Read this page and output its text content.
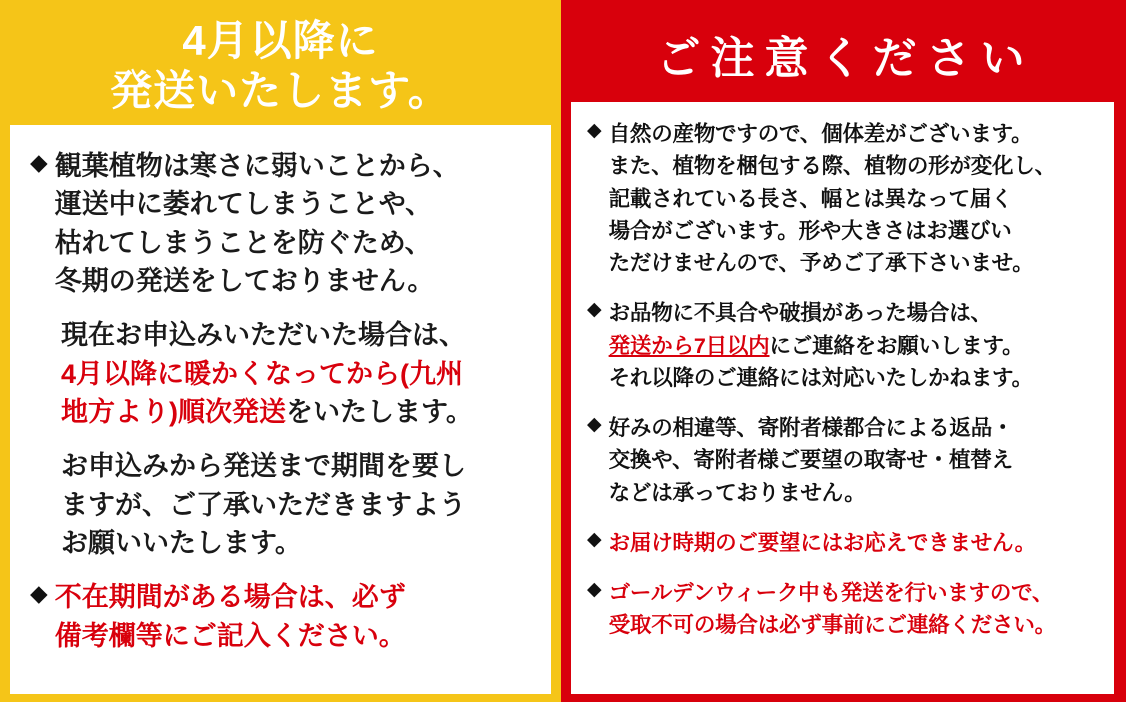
4月以降に
発送いたします。
◆ 観葉植物は寒さに弱いことから、
運送中に萎れてしまうことや、
枯れてしまうことを防ぐため、
冬期の発送をしておりません。
現在お申込みいただいた場合は、
4月以降に暖かくなってから(九州
地方より)順次発送をいたします。
お申込みから発送まで期間を要し
ますが、ご了承いただきますよう
お願いいたします。
◆ 不在期間がある場合は、必ず
備考欄等にご記入ください。
ご注意ください
◆ 自然の産物ですので、個体差がございます。
また、植物を梱包する際、植物の形が変化し、
記載されている長さ、幅とは異なって届く
場合がございます。形や大きさはお選びい
ただけませんので、予めご了承下さいませ。
◆ お品物に不具合や破損があった場合は、
発送から7日以内にご連絡をお願いします。
それ以降のご連絡には対応いたしかねます。
◆ 好みの相違等、寄附者様都合による返品・
交換や、寄附者様ご要望の取寄せ・植替え
などは承っておりません。
◆ お届け時期のご要望にはお応えできません。
◆ ゴールデンウィーク中も発送を行いますので、
受取不可の場合は必ず事前にご連絡ください。
